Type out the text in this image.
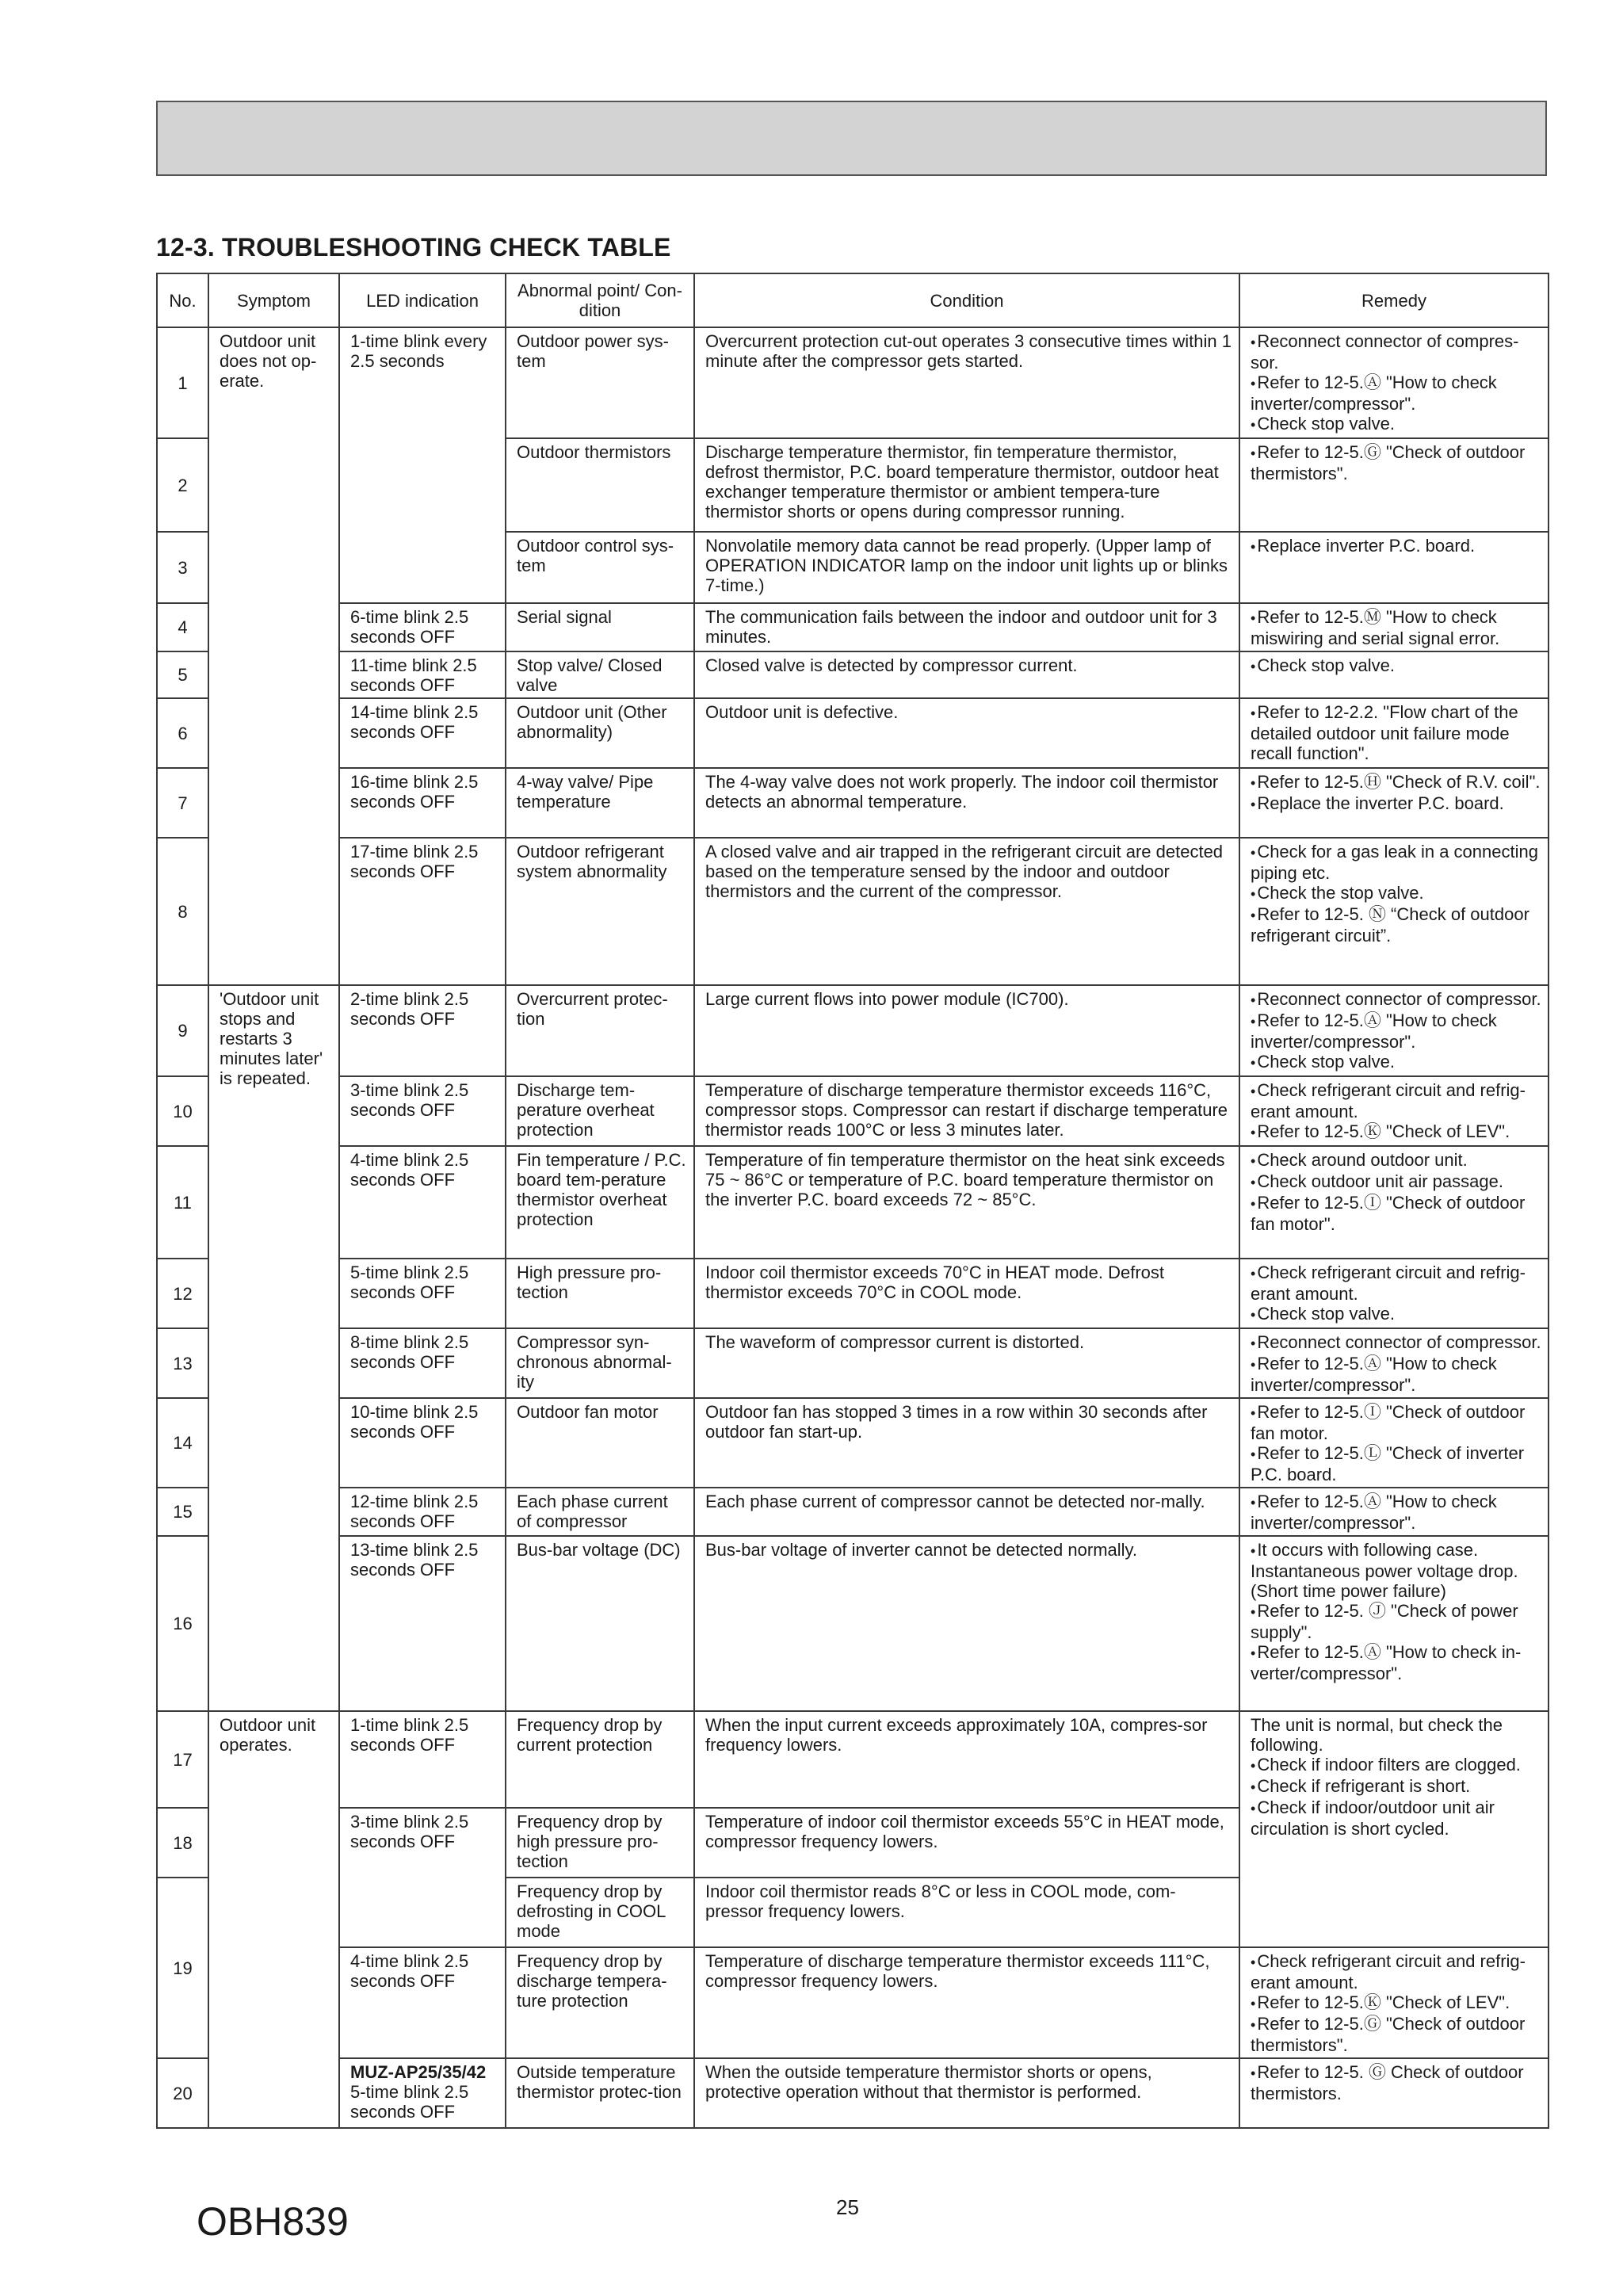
12-3. TROUBLESHOOTING CHECK TABLE
No.	Symptom	LED indication	Abnormal point/ Con-dition	Condition	Remedy
1	Outdoor unit does not op-erate.	1-time blink every 2.5 seconds	Outdoor power sys-tem	Overcurrent protection cut-out operates 3 consecutive times within 1 minute after the compressor gets started.	• Reconnect connector of compres-sor.
• Refer to 12-5.Ⓐ "How to check inverter/compressor".
• Check stop valve.

2			Outdoor thermistors	Discharge temperature thermistor, fin temperature thermistor, defrost thermistor, P.C. board temperature thermistor, outdoor heat exchanger temperature thermistor or ambient tempera-ture thermistor shorts or opens during compressor running.	• Refer to 12-5.Ⓖ "Check of outdoor thermistors".

3			Outdoor control sys-tem	Nonvolatile memory data cannot be read properly. (Upper lamp of OPERATION INDICATOR lamp on the indoor unit lights up or blinks 7-time.)	• Replace inverter P.C. board.

4		6-time blink 2.5 seconds OFF	Serial signal	The communication fails between the indoor and outdoor unit for 3 minutes.	• Refer to 12-5.Ⓜ "How to check miswiring and serial signal error.

5		11-time blink 2.5 seconds OFF	Stop valve/ Closed valve	Closed valve is detected by compressor current.	• Check stop valve.

6		14-time blink 2.5 seconds OFF	Outdoor unit (Other abnormality)	Outdoor unit is defective.	• Refer to 12-2.2. "Flow chart of the detailed outdoor unit failure mode recall function".

7		16-time blink 2.5 seconds OFF	4-way valve/ Pipe temperature	The 4-way valve does not work properly. The indoor coil thermistor detects an abnormal temperature.	• Refer to 12-5.Ⓗ "Check of R.V. coil".
• Replace the inverter P.C. board.

8		17-time blink 2.5 seconds OFF	Outdoor refrigerant system abnormality	A closed valve and air trapped in the refrigerant circuit are detected based on the temperature sensed by the indoor and outdoor thermistors and the current of the compressor.	• Check for a gas leak in a connecting piping etc.
• Check the stop valve.
• Refer to 12-5. Ⓝ “Check of outdoor refrigerant circuit”.

9	'Outdoor unit stops and restarts 3 minutes later' is repeated.	2-time blink 2.5 seconds OFF	Overcurrent protec-tion	Large current flows into power module (IC700).	• Reconnect connector of compressor.
• Refer to 12-5.Ⓐ "How to check inverter/compressor".
• Check stop valve.

10		3-time blink 2.5 seconds OFF	Discharge tem-perature overheat protection	Temperature of discharge temperature thermistor exceeds 116°C, compressor stops. Compressor can restart if discharge temperature thermistor reads 100°C or less 3 minutes later.	• Check refrigerant circuit and refrig-erant amount.
• Refer to 12-5.Ⓚ "Check of LEV".

11		4-time blink 2.5 seconds OFF	Fin temperature / P.C. board tem-perature thermistor overheat protection	Temperature of fin temperature thermistor on the heat sink exceeds 75 ~ 86°C or temperature of P.C. board temperature thermistor on the inverter P.C. board exceeds 72 ~ 85°C.	• Check around outdoor unit.
• Check outdoor unit air passage.
• Refer to 12-5.Ⓘ "Check of outdoor fan motor".

12		5-time blink 2.5 seconds OFF	High pressure pro-tection	Indoor coil thermistor exceeds 70°C in HEAT mode. Defrost thermistor exceeds 70°C in COOL mode.	• Check refrigerant circuit and refrig-erant amount.
• Check stop valve.

13		8-time blink 2.5 seconds OFF	Compressor syn-chronous abnormal-ity	The waveform of compressor current is distorted.	• Reconnect connector of compressor.
• Refer to 12-5.Ⓐ "How to check inverter/compressor".

14		10-time blink 2.5 seconds OFF	Outdoor fan motor	Outdoor fan has stopped 3 times in a row within 30 seconds after outdoor fan start-up.	• Refer to 12-5.Ⓘ "Check of outdoor fan motor.
• Refer to 12-5.Ⓛ "Check of inverter P.C. board.

15		12-time blink 2.5 seconds OFF	Each phase current of compressor	Each phase current of compressor cannot be detected nor-mally.	• Refer to 12-5.Ⓐ "How to check inverter/compressor".

16		13-time blink 2.5 seconds OFF	Bus-bar voltage (DC)	Bus-bar voltage of inverter cannot be detected normally.	• It occurs with following case. Instantaneous power voltage drop. (Short time power failure)
• Refer to 12-5. Ⓙ "Check of power supply".
• Refer to 12-5.Ⓐ "How to check in-verter/compressor".

17	Outdoor unit operates.	1-time blink 2.5 seconds OFF	Frequency drop by current protection	When the input current exceeds approximately 10A, compres-sor frequency lowers.	The unit is normal, but check the following.
• Check if indoor filters are clogged.
• Check if refrigerant is short.
• Check if indoor/outdoor unit air circulation is short cycled.

18		3-time blink 2.5 seconds OFF	Frequency drop by high pressure pro-tection	Temperature of indoor coil thermistor exceeds 55°C in HEAT mode, compressor frequency lowers.	
19			Frequency drop by defrosting in COOL mode	Indoor coil thermistor reads 8°C or less in COOL mode, com-pressor frequency lowers.	
		4-time blink 2.5 seconds OFF	Frequency drop by discharge tempera-ture protection	Temperature of discharge temperature thermistor exceeds 111°C, compressor frequency lowers.	• Check refrigerant circuit and refrig-erant amount.
• Refer to 12-5.Ⓚ "Check of LEV".
• Refer to 12-5.Ⓖ "Check of outdoor thermistors".

20		MUZ-AP25/35/42
5-time blink 2.5 seconds OFF	Outside temperature thermistor protec-tion	When the outside temperature thermistor shorts or opens, protective operation without that thermistor is performed.	• Refer to 12-5. Ⓖ Check of outdoor thermistors.
OBH839	25
